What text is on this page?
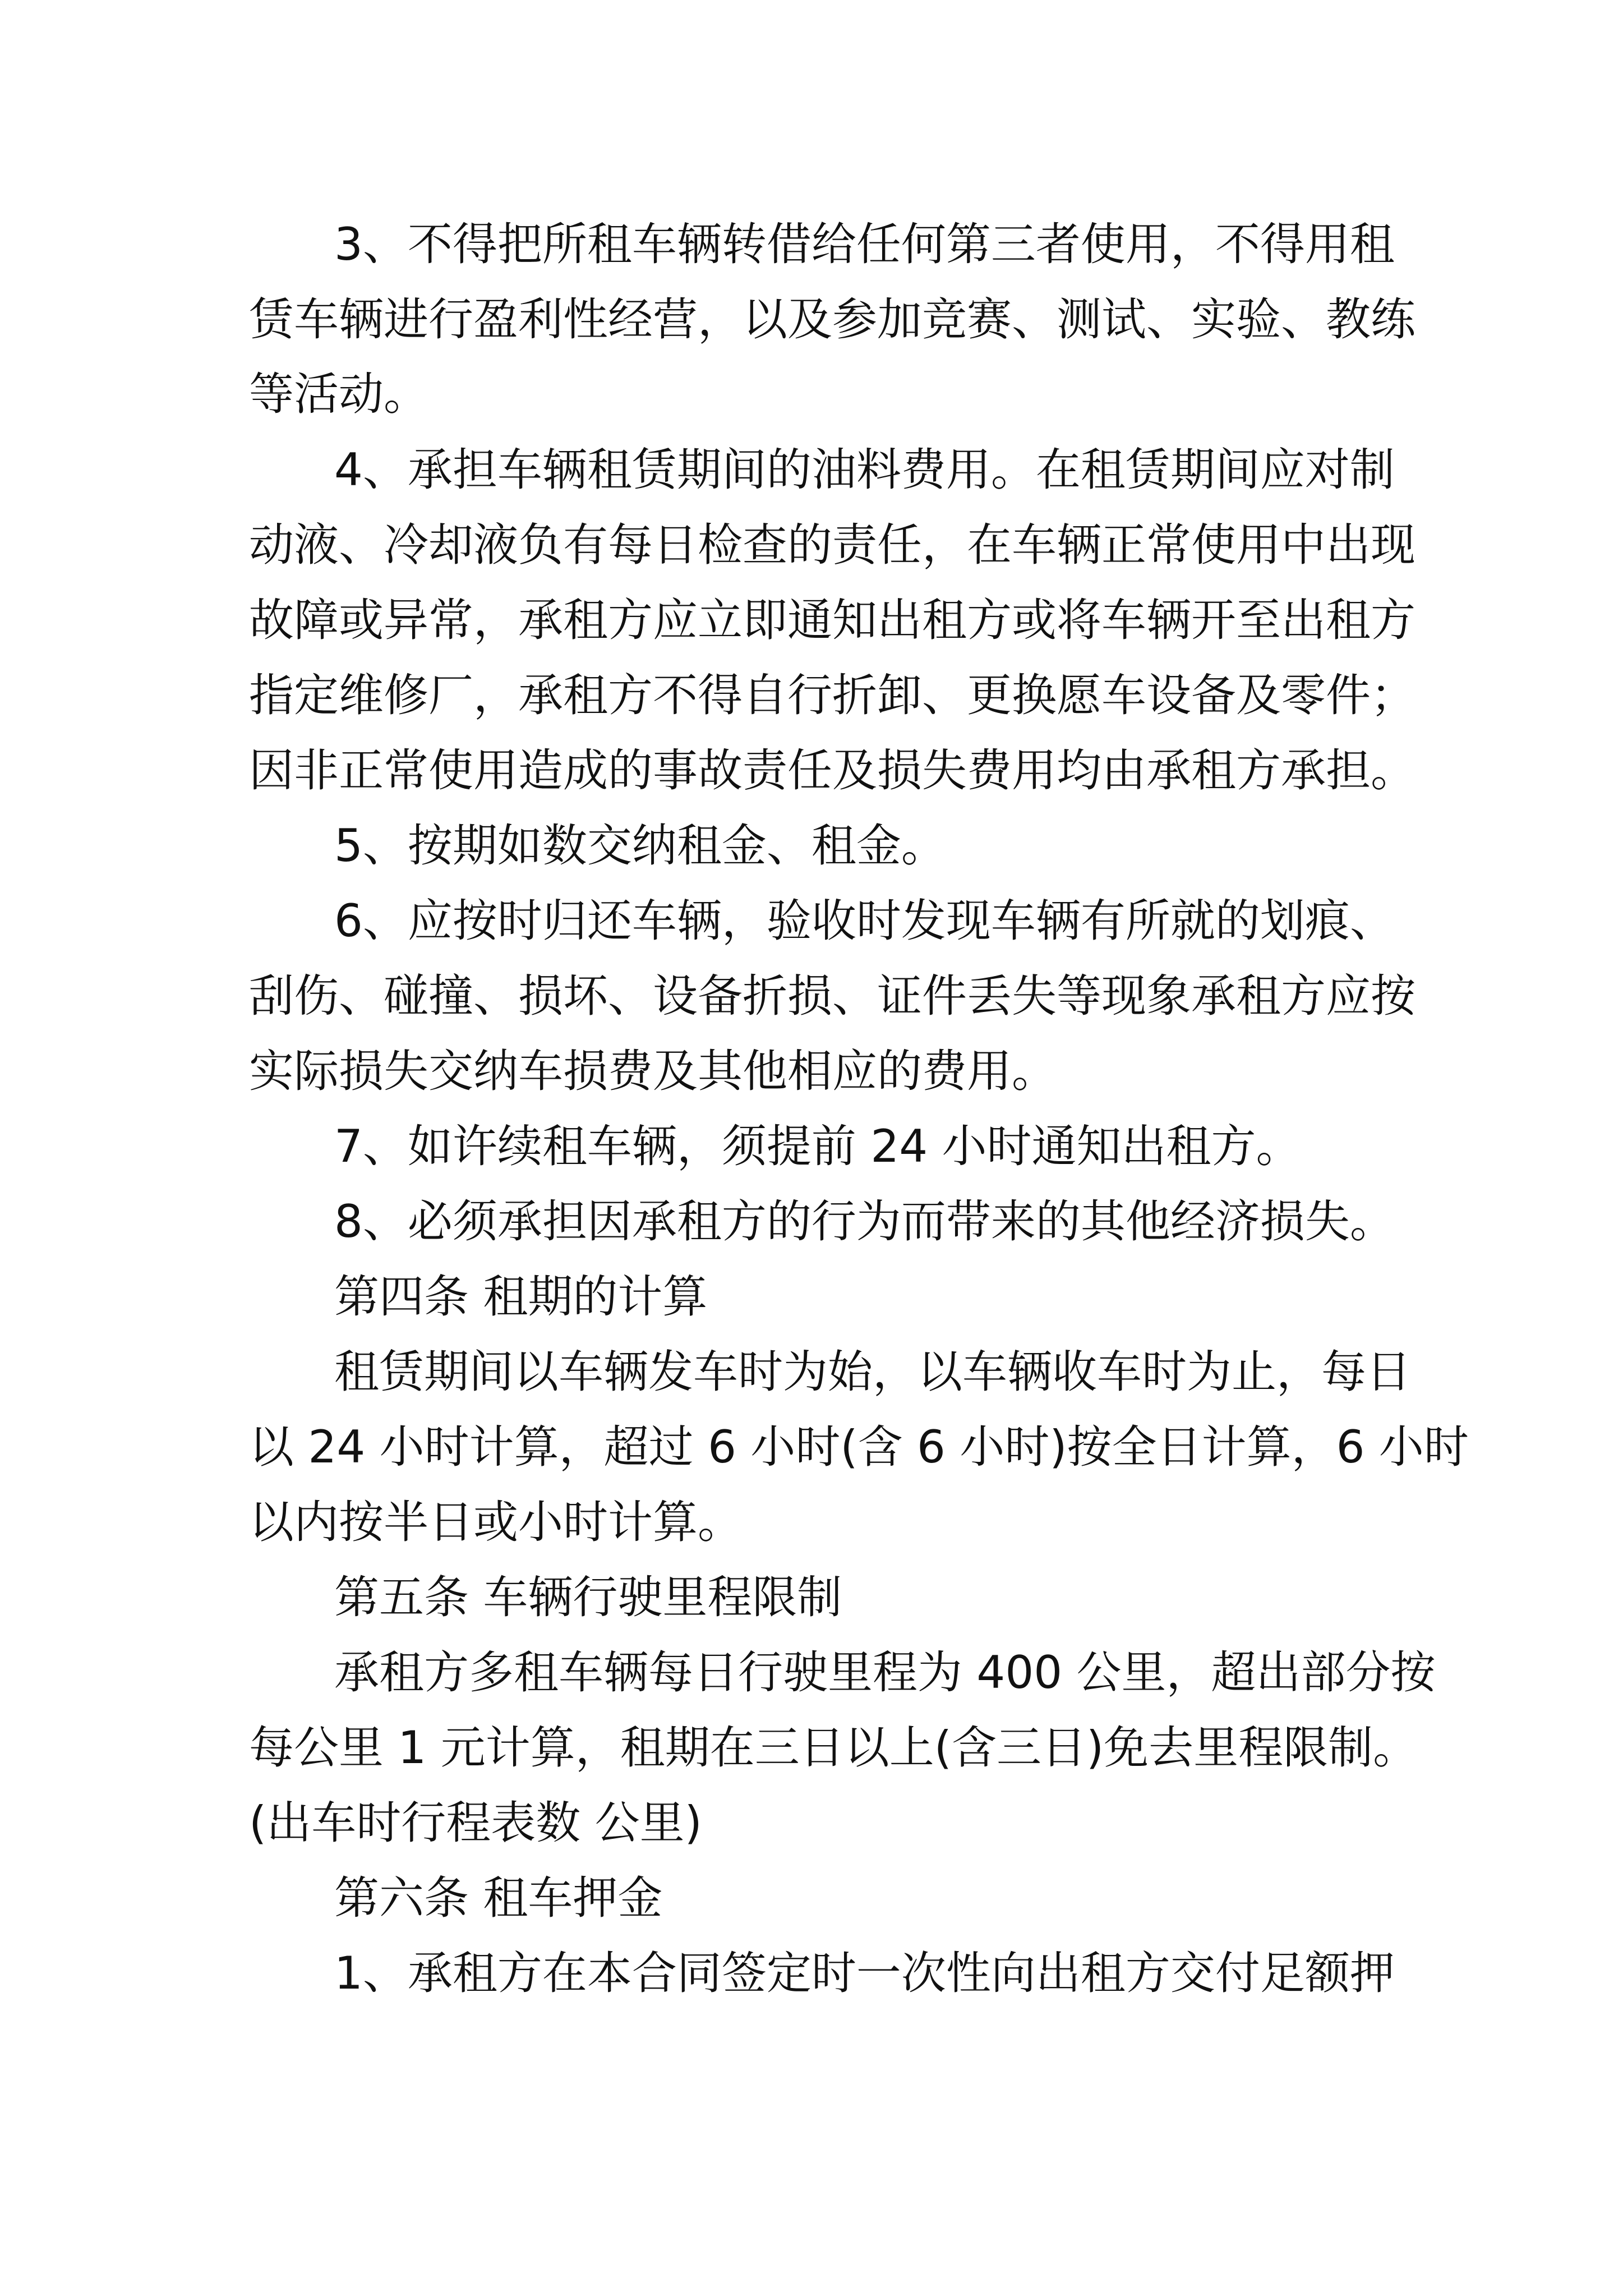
3、不得把所租车辆转借给任何第三者使用，不得用租

赁车辆进行盈利性经营，以及参加竞赛、测试、实验、教练

等活动。

4、承担车辆租赁期间的油料费用。在租赁期间应对制

动液、冷却液负有每日检查的责任，在车辆正常使用中出现

故障或异常，承租方应立即通知出租方或将车辆开至出租方

指定维修厂，承租方不得自行折卸、更换愿车设备及零件；

因非正常使用造成的事故责任及损失费用均由承租方承担。

5、按期如数交纳租金、租金。

6、应按时归还车辆，验收时发现车辆有所就的划痕、

刮伤、碰撞、损坏、设备折损、证件丢失等现象承租方应按

实际损失交纳车损费及其他相应的费用。

7、如许续租车辆，须提前 24 小时通知出租方。

8、必须承担因承租方的行为而带来的其他经济损失。

第四条 租期的计算

租赁期间以车辆发车时为始，以车辆收车时为止，每日

以 24 小时计算，超过 6 小时(含 6 小时)按全日计算，6 小时

以内按半日或小时计算。

第五条 车辆行驶里程限制

承租方多租车辆每日行驶里程为 400 公里，超出部分按

每公里 1 元计算，租期在三日以上(含三日)免去里程限制。

(出车时行程表数 公里)

第六条 租车押金

1、承租方在本合同签定时一次性向出租方交付足额押
